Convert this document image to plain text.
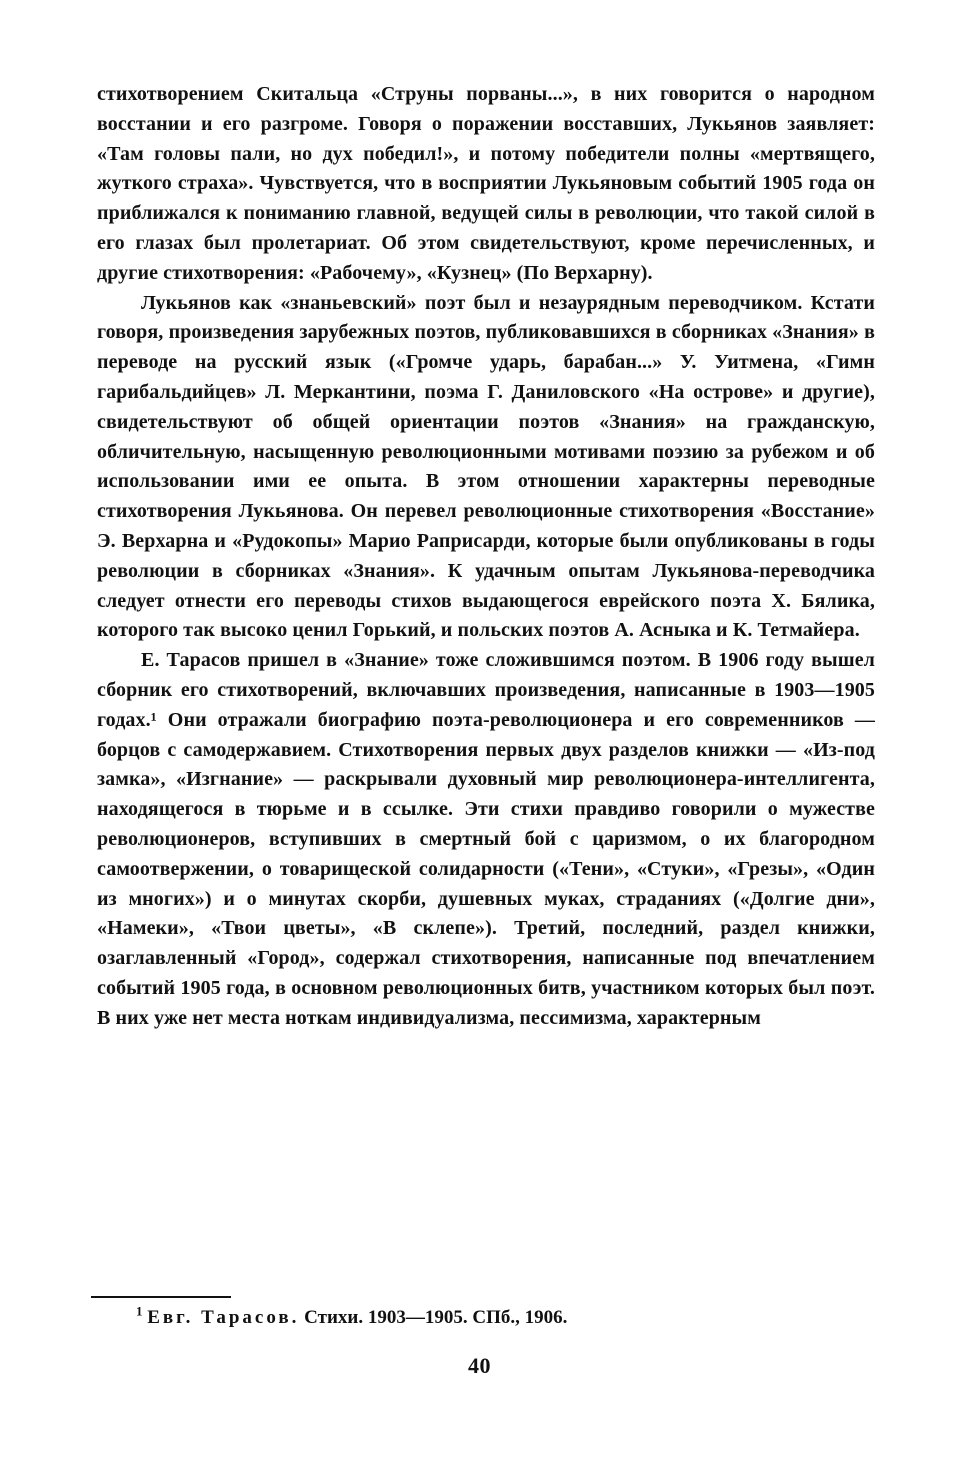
стихотворением Скитальца «Струны порваны...», в них говорится о народном восстании и его разгроме. Говоря о поражении восставших, Лукьянов заявляет: «Там головы пали, но дух победил!», и потому победители полны «мертвящего, жуткого страха». Чувствуется, что в восприятии Лукьяновым событий 1905 года он приближался к пониманию главной, ведущей силы в революции, что такой силой в его глазах был пролетариат. Об этом свидетельствуют, кроме перечисленных, и другие стихотворения: «Рабочему», «Кузнец» (По Верхарну).

Лукьянов как «знаньевский» поэт был и незаурядным переводчиком. Кстати говоря, произведения зарубежных поэтов, публиковавшихся в сборниках «Знания» в переводе на русский язык («Громче ударь, барабан...» У. Уитмена, «Гимн гарибальдийцев» Л. Меркантини, поэма Г. Даниловского «На острове» и другие), свидетельствуют об общей ориентации поэтов «Знания» на гражданскую, обличительную, насыщенную революционными мотивами поэзию за рубежом и об использовании ими ее опыта. В этом отношении характерны переводные стихотворения Лукьянова. Он перевел революционные стихотворения «Восстание» Э. Верхарна и «Рудокопы» Марио Раприсарди, которые были опубликованы в годы революции в сборниках «Знания». К удачным опытам Лукьянова-переводчика следует отнести его переводы стихов выдающегося еврейского поэта Х. Бялика, которого так высоко ценил Горький, и польских поэтов А. Асныка и К. Тетмайера.

Е. Тарасов пришел в «Знание» тоже сложившимся поэтом. В 1906 году вышел сборник его стихотворений, включавших произведения, написанные в 1903—1905 годах.¹ Они отражали биографию поэта-революционера и его современников — борцов с самодержавием. Стихотворения первых двух разделов книжки — «Из-под замка», «Изгнание» — раскрывали духовный мир революционера-интеллигента, находящегося в тюрьме и в ссылке. Эти стихи правдиво говорили о мужестве революционеров, вступивших в смертный бой с царизмом, о их благородном самоотвержении, о товарищеской солидарности («Тени», «Стуки», «Грезы», «Один из многих») и о минутах скорби, душевных муках, страданиях («Долгие дни», «Намеки», «Твои цветы», «В склепе»). Третий, последний, раздел книжки, озаглавленный «Город», содержал стихотворения, написанные под впечатлением событий 1905 года, в основном революционных битв, участником которых был поэт. В них уже нет места ноткам индивидуализма, пессимизма, характерным

$^1$ Евг. Тарасов. Стихи. 1903—1905. СПб., 1906.
40
